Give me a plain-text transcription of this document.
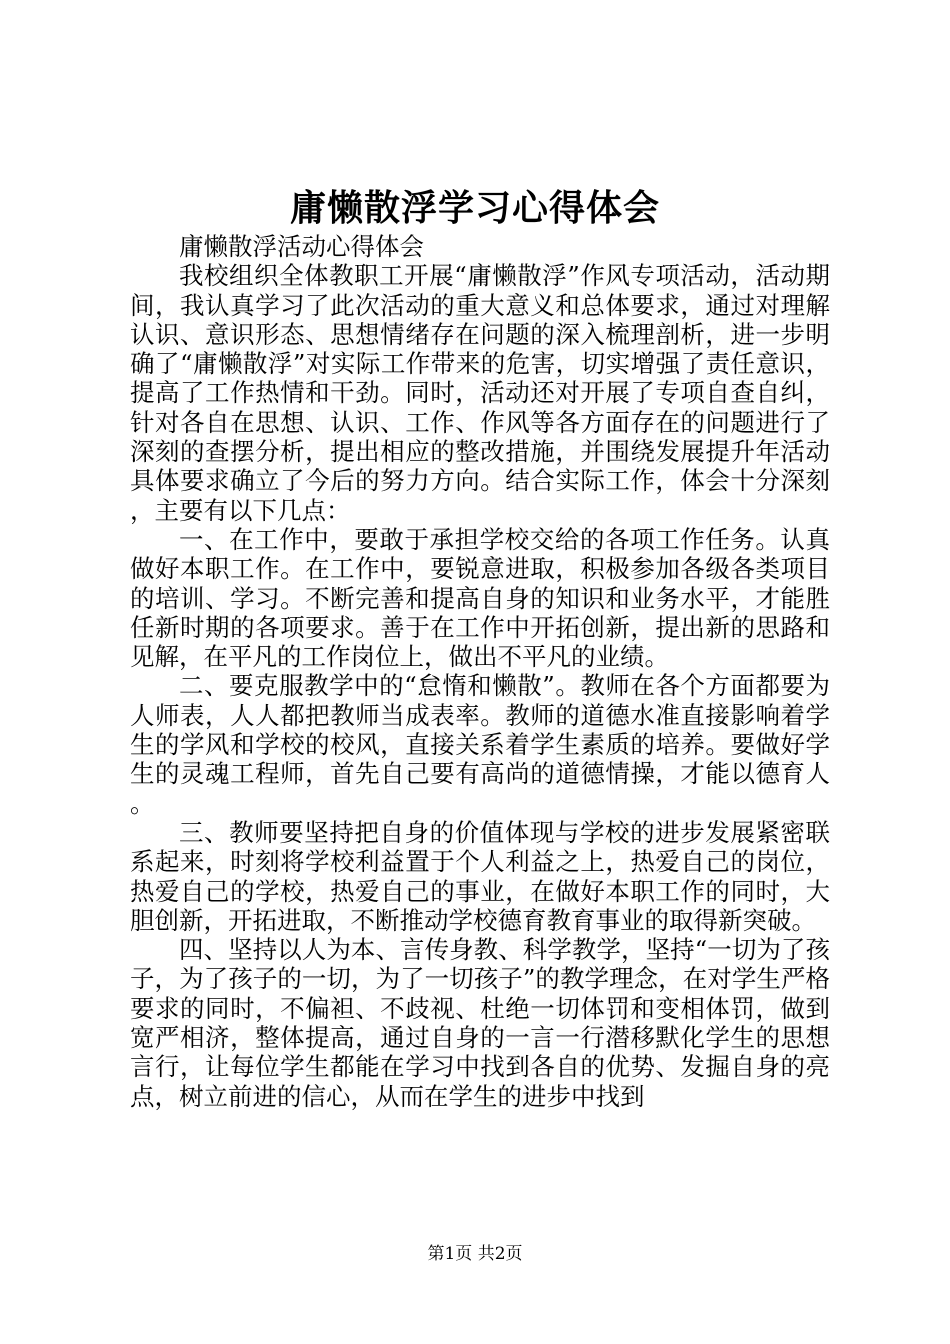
庸懒散浮学习心得体会

庸懒散浮活动心得体会

我校组织全体教职工开展“庸懒散浮”作风专项活动，活动期间，我认真学习了此次活动的重大意义和总体要求，通过对理解认识、意识形态、思想情绪存在问题的深入梳理剖析，进一步明确了“庸懒散浮”对实际工作带来的危害，切实增强了责任意识，提高了工作热情和干劲。同时，活动还对开展了专项自查自纠，针对各自在思想、认识、工作、作风等各方面存在的问题进行了深刻的查摆分析，提出相应的整改措施，并围绕发展提升年活动具体要求确立了今后的努力方向。结合实际工作，体会十分深刻，主要有以下几点：

一、在工作中，要敢于承担学校交给的各项工作任务。认真做好本职工作。在工作中，要锐意进取，积极参加各级各类项目的培训、学习。不断完善和提高自身的知识和业务水平，才能胜任新时期的各项要求。善于在工作中开拓创新，提出新的思路和见解，在平凡的工作岗位上，做出不平凡的业绩。

二、要克服教学中的“怠惰和懒散”。教师在各个方面都要为人师表，人人都把教师当成表率。教师的道德水准直接影响着学生的学风和学校的校风，直接关系着学生素质的培养。要做好学生的灵魂工程师，首先自己要有高尚的道德情操，才能以德育人。

三、教师要坚持把自身的价值体现与学校的进步发展紧密联系起来，时刻将学校利益置于个人利益之上，热爱自己的岗位，热爱自己的学校，热爱自己的事业，在做好本职工作的同时，大胆创新，开拓进取，不断推动学校德育教育事业的取得新突破。

四、坚持以人为本、言传身教、科学教学，坚持“一切为了孩子，为了孩子的一切，为了一切孩子”的教学理念，在对学生严格要求的同时，不偏袒、不歧视、杜绝一切体罚和变相体罚，做到宽严相济，整体提高，通过自身的一言一行潜移默化学生的思想言行，让每位学生都能在学习中找到各自的优势、发掘自身的亮点，树立前进的信心，从而在学生的进步中找到

第1页 共2页
